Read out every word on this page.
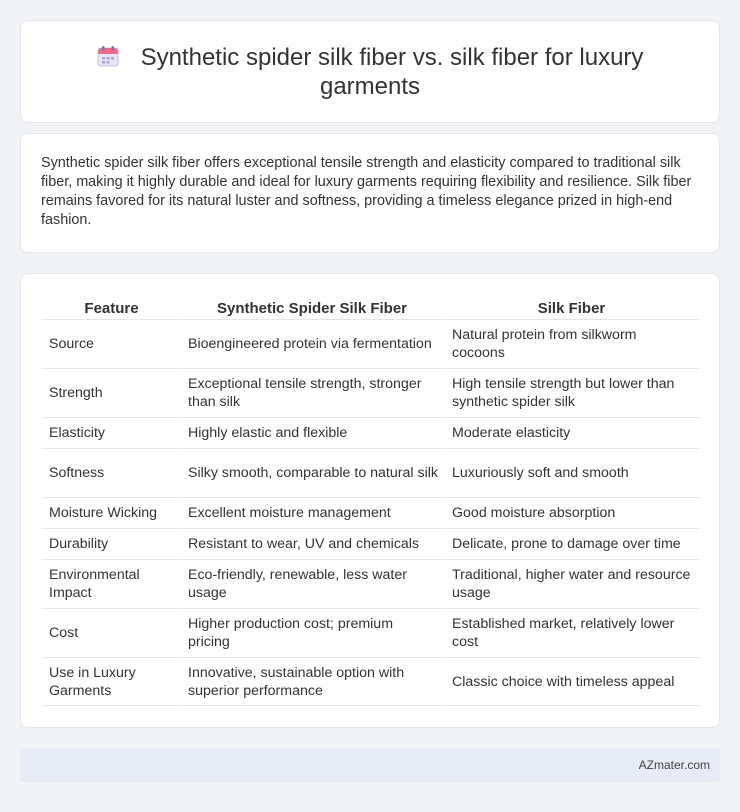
Synthetic spider silk fiber vs. silk fiber for luxury garments

Synthetic spider silk fiber offers exceptional tensile strength and elasticity compared to traditional silk fiber, making it highly durable and ideal for luxury garments requiring flexibility and resilience. Silk fiber remains favored for its natural luster and softness, providing a timeless elegance prized in high-end fashion.

Feature	Synthetic Spider Silk Fiber	Silk Fiber
Source	Bioengineered protein via fermentation	Natural protein from silkworm cocoons
Strength	Exceptional tensile strength, stronger than silk	High tensile strength but lower than synthetic spider silk
Elasticity	Highly elastic and flexible	Moderate elasticity
Softness	Silky smooth, comparable to natural silk	Luxuriously soft and smooth
Moisture Wicking	Excellent moisture management	Good moisture absorption
Durability	Resistant to wear, UV and chemicals	Delicate, prone to damage over time
Environmental Impact	Eco-friendly, renewable, less water usage	Traditional, higher water and resource usage
Cost	Higher production cost; premium pricing	Established market, relatively lower cost
Use in Luxury Garments	Innovative, sustainable option with superior performance	Classic choice with timeless appeal
AZmater.com
